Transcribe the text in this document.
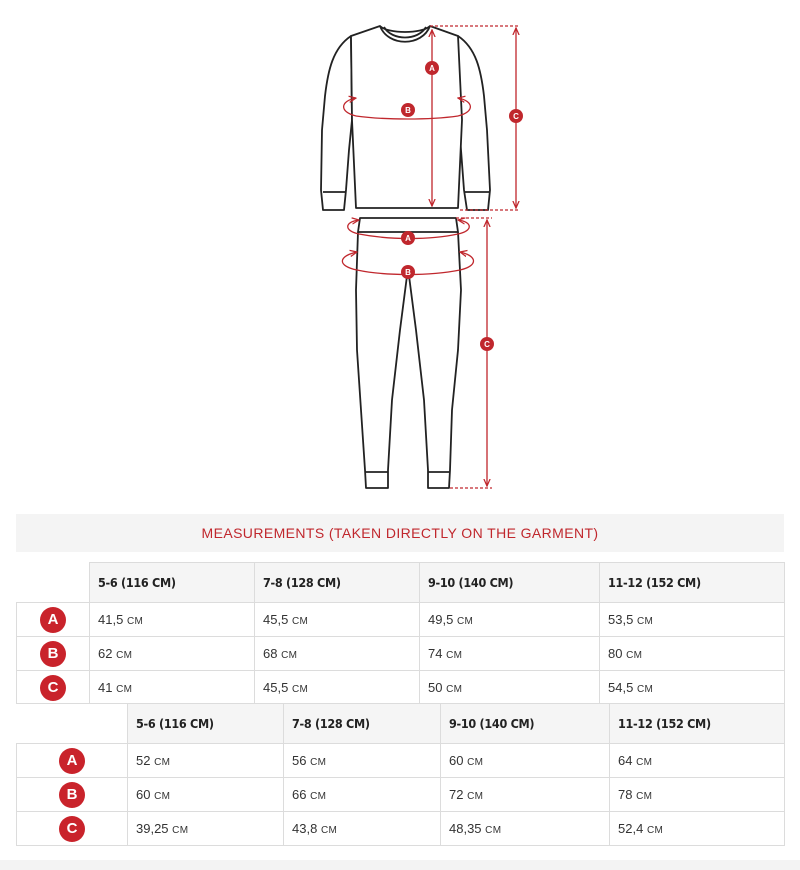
A
B
C
A
B
C
MEASUREMENTS (TAKEN DIRECTLY ON THE GARMENT)
	5-6 (116 CM)	7-8 (128 CM)	9-10 (140 CM)	11-12 (152 CM)
A	41,5 CM	45,5 CM	49,5 CM	53,5 CM
B	62 CM	68 CM	74 CM	80 CM
C	41 CM	45,5 CM	50 CM	54,5 CM
	5-6 (116 CM)	7-8 (128 CM)	9-10 (140 CM)	11-12 (152 CM)
A	52 CM	56 CM	60 CM	64 CM
B	60 CM	66 CM	72 CM	78 CM
C	39,25 CM	43,8 CM	48,35 CM	52,4 CM
